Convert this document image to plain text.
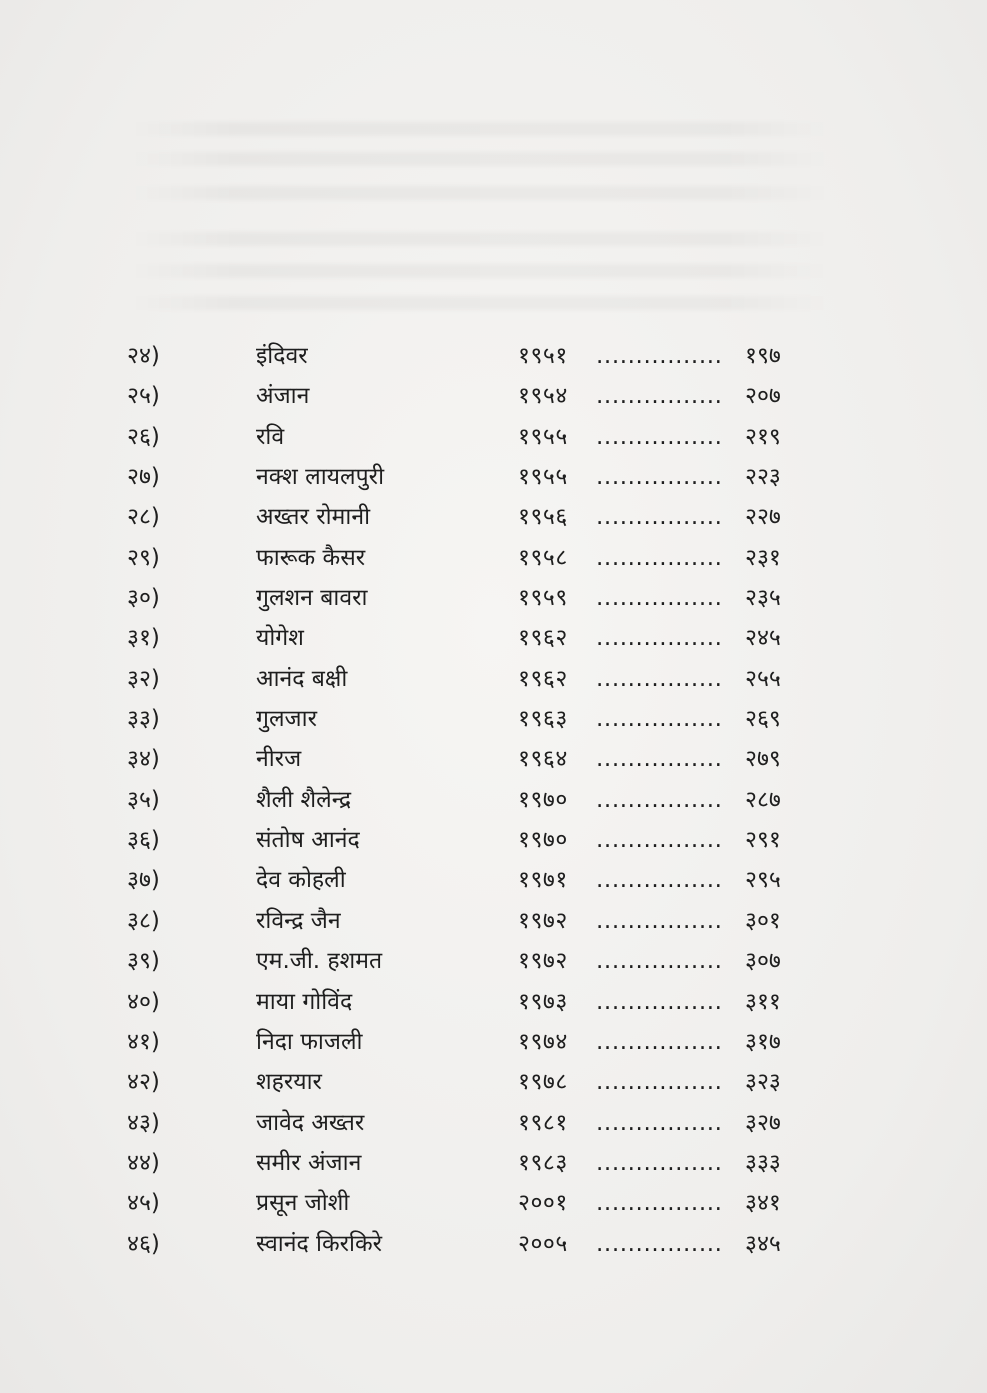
२४)	इंदिवर	१९५१ ................ १९७
२५)	अंजान	१९५४ ................ २०७
२६)	रवि	१९५५ ................ २१९
२७)	नक्श लायलपुरी	१९५५ ................ २२३
२८)	अख्तर रोमानी	१९५६ ................ २२७
२९)	फारूक कैसर	१९५८ ................ २३१
३०)	गुलशन बावरा	१९५९ ................ २३५
३१)	योगेश	१९६२ ................ २४५
३२)	आनंद बक्षी	१९६२ ................ २५५
३३)	गुलजार	१९६३ ................ २६९
३४)	नीरज	१९६४ ................ २७९
३५)	शैली शैलेन्द्र	१९७० ................ २८७
३६)	संतोष आनंद	१९७० ................ २९१
३७)	देव कोहली	१९७१ ................ २९५
३८)	रविन्द्र जैन	१९७२ ................ ३०१
३९)	एम.जी. हशमत	१९७२ ................ ३०७
४०)	माया गोविंद	१९७३ ................ ३११
४१)	निदा फाजली	१९७४ ................ ३१७
४२)	शहरयार	१९७८ ................ ३२३
४३)	जावेद अख्तर	१९८१ ................ ३२७
४४)	समीर अंजान	१९८३ ................ ३३३
४५)	प्रसून जोशी	२००१ ................ ३४१
४६)	स्वानंद किरकिरे	२००५ ................ ३४५
